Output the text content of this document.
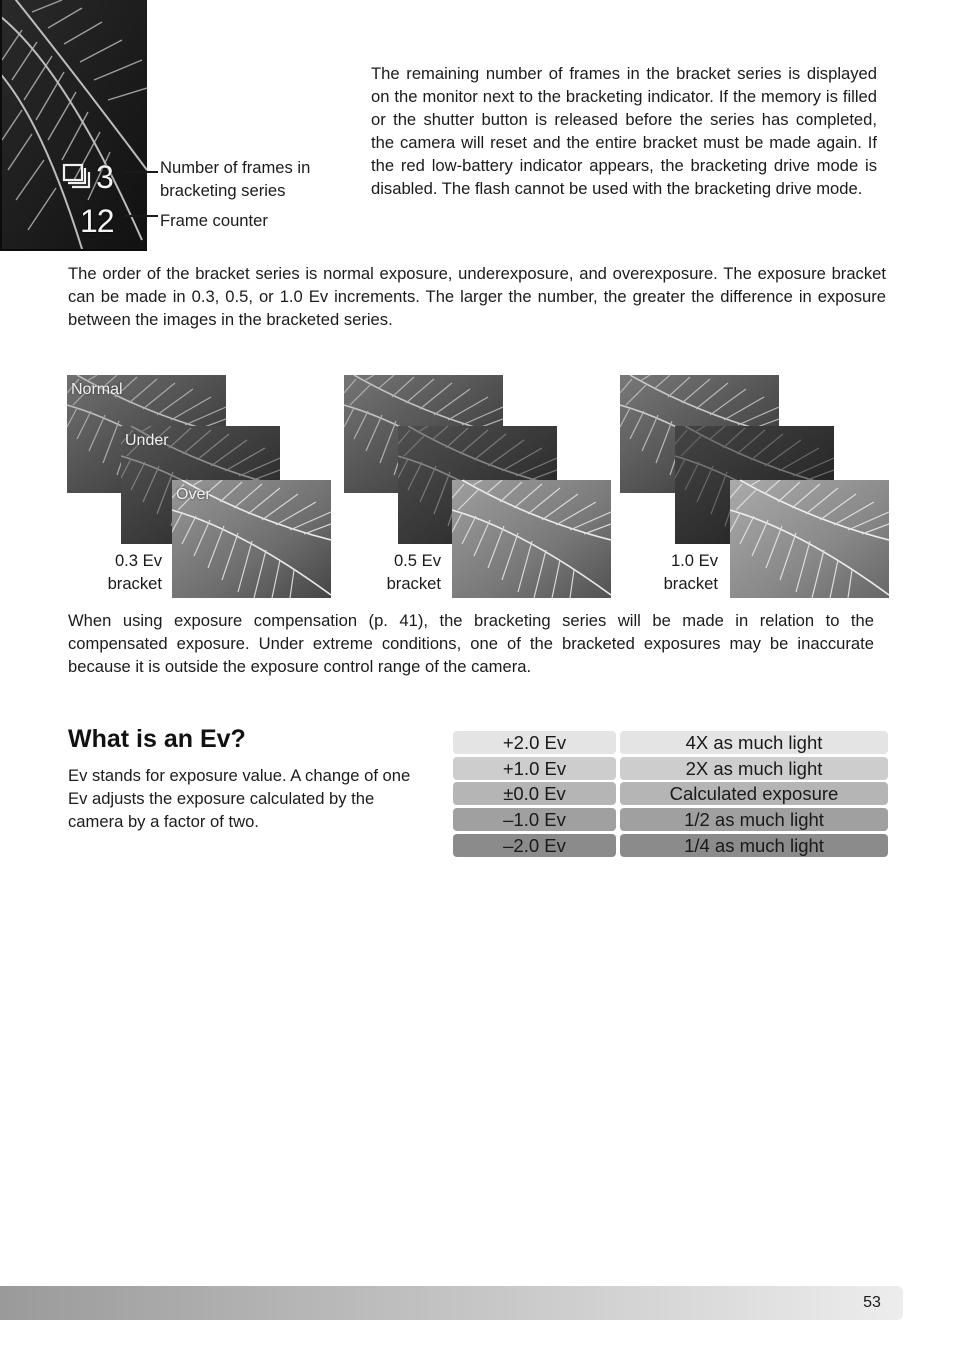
3
12
Number of frames in
bracketing series
Frame counter

The remaining number of frames in the bracket series is displayed on the monitor next to the bracketing indicator. If the memory is filled or the shutter button is released before the series has completed, the camera will reset and the entire bracket must be made again. If the red low-battery indicator appears, the bracketing drive mode is disabled. The flash cannot be used with the bracketing drive mode.

The order of the bracket series is normal exposure, underexposure, and overexposure. The exposure bracket can be made in 0.3, 0.5, or 1.0 Ev increments. The larger the number, the greater the difference in exposure between the images in the bracketed series.

Normal
Under
Over
0.3 Ev
bracket
0.5 Ev
bracket
1.0 Ev
bracket

When using exposure compensation (p. 41), the bracketing series will be made in relation to the compensated exposure. Under extreme conditions, one of the bracketed exposures may be inaccurate because it is outside the exposure control range of the camera.

What is an Ev?

Ev stands for exposure value. A change of one Ev adjusts the exposure calculated by the camera by a factor of two.

+2.0 Ev	4X as much light
+1.0 Ev	2X as much light
±0.0 Ev	Calculated exposure
–1.0 Ev	1/2 as much light
–2.0 Ev	1/4 as much light
53
